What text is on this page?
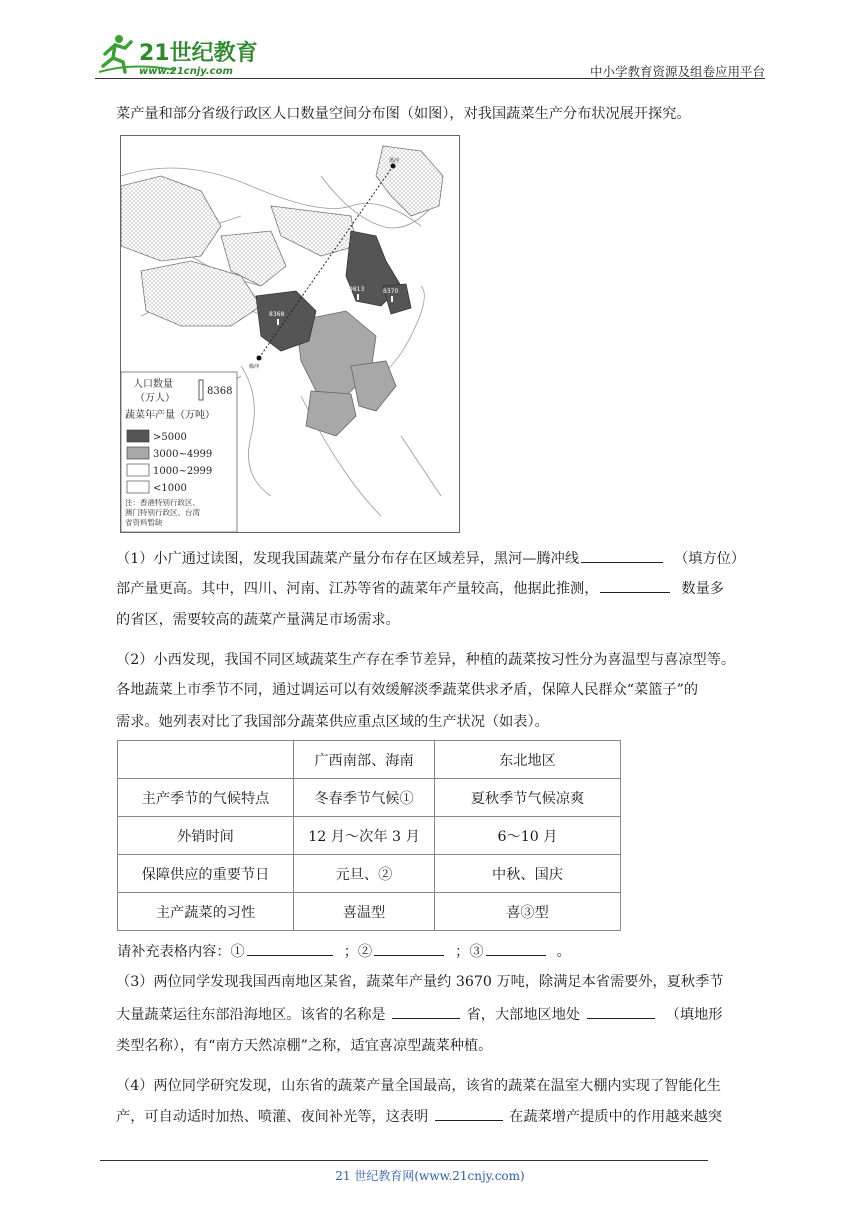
21世纪教育
www.21cnjy.com	中小学教育资源及组卷应用平台

菜产量和部分省级行政区人口数量空间分布图（如图），对我国蔬菜生产分布状况展开探究。

9813	8370
8368
黑河
腾冲
人口数量
（万人）
8368
蔬菜年产量（万吨）
>5000
3000~4999
1000~2999
<1000
注：香港特别行政区、
澳门特别行政区、台湾
省资料暂缺

（1）小广通过读图，发现我国蔬菜产量分布存在区域差异，黑河—腾冲线	（填方位）

部产量更高。其中，四川、河南、江苏等省的蔬菜年产量较高，他据此推测，	数量多

的省区，需要较高的蔬菜产量满足市场需求。

（2）小西发现，我国不同区域蔬菜生产存在季节差异，种植的蔬菜按习性分为喜温型与喜凉型等。

各地蔬菜上市季节不同，通过调运可以有效缓解淡季蔬菜供求矛盾，保障人民群众“菜篮子”的

需求。她列表对比了我国部分蔬菜供应重点区域的生产状况（如表）。

	广西南部、海南	东北地区
主产季节的气候特点	冬春季节气候①	夏秋季节气候凉爽
外销时间	12 月～次年 3 月	6～10 月
保障供应的重要节日	元旦、②	中秋、国庆
主产蔬菜的习性	喜温型	喜③型

请补充表格内容：①	；②	；③	。

（3）两位同学发现我国西南地区某省，蔬菜年产量约 3670 万吨，除满足本省需要外，夏秋季节

大量蔬菜运往东部沿海地区。该省的名称是	省，大部地区地处	（填地形

类型名称），有“南方天然凉棚”之称，适宜喜凉型蔬菜种植。

（4）两位同学研究发现，山东省的蔬菜产量全国最高，该省的蔬菜在温室大棚内实现了智能化生

产，可自动适时加热、喷灌、夜间补光等，这表明	在蔬菜增产提质中的作用越来越突

21 世纪教育网(www.21cnjy.com)
